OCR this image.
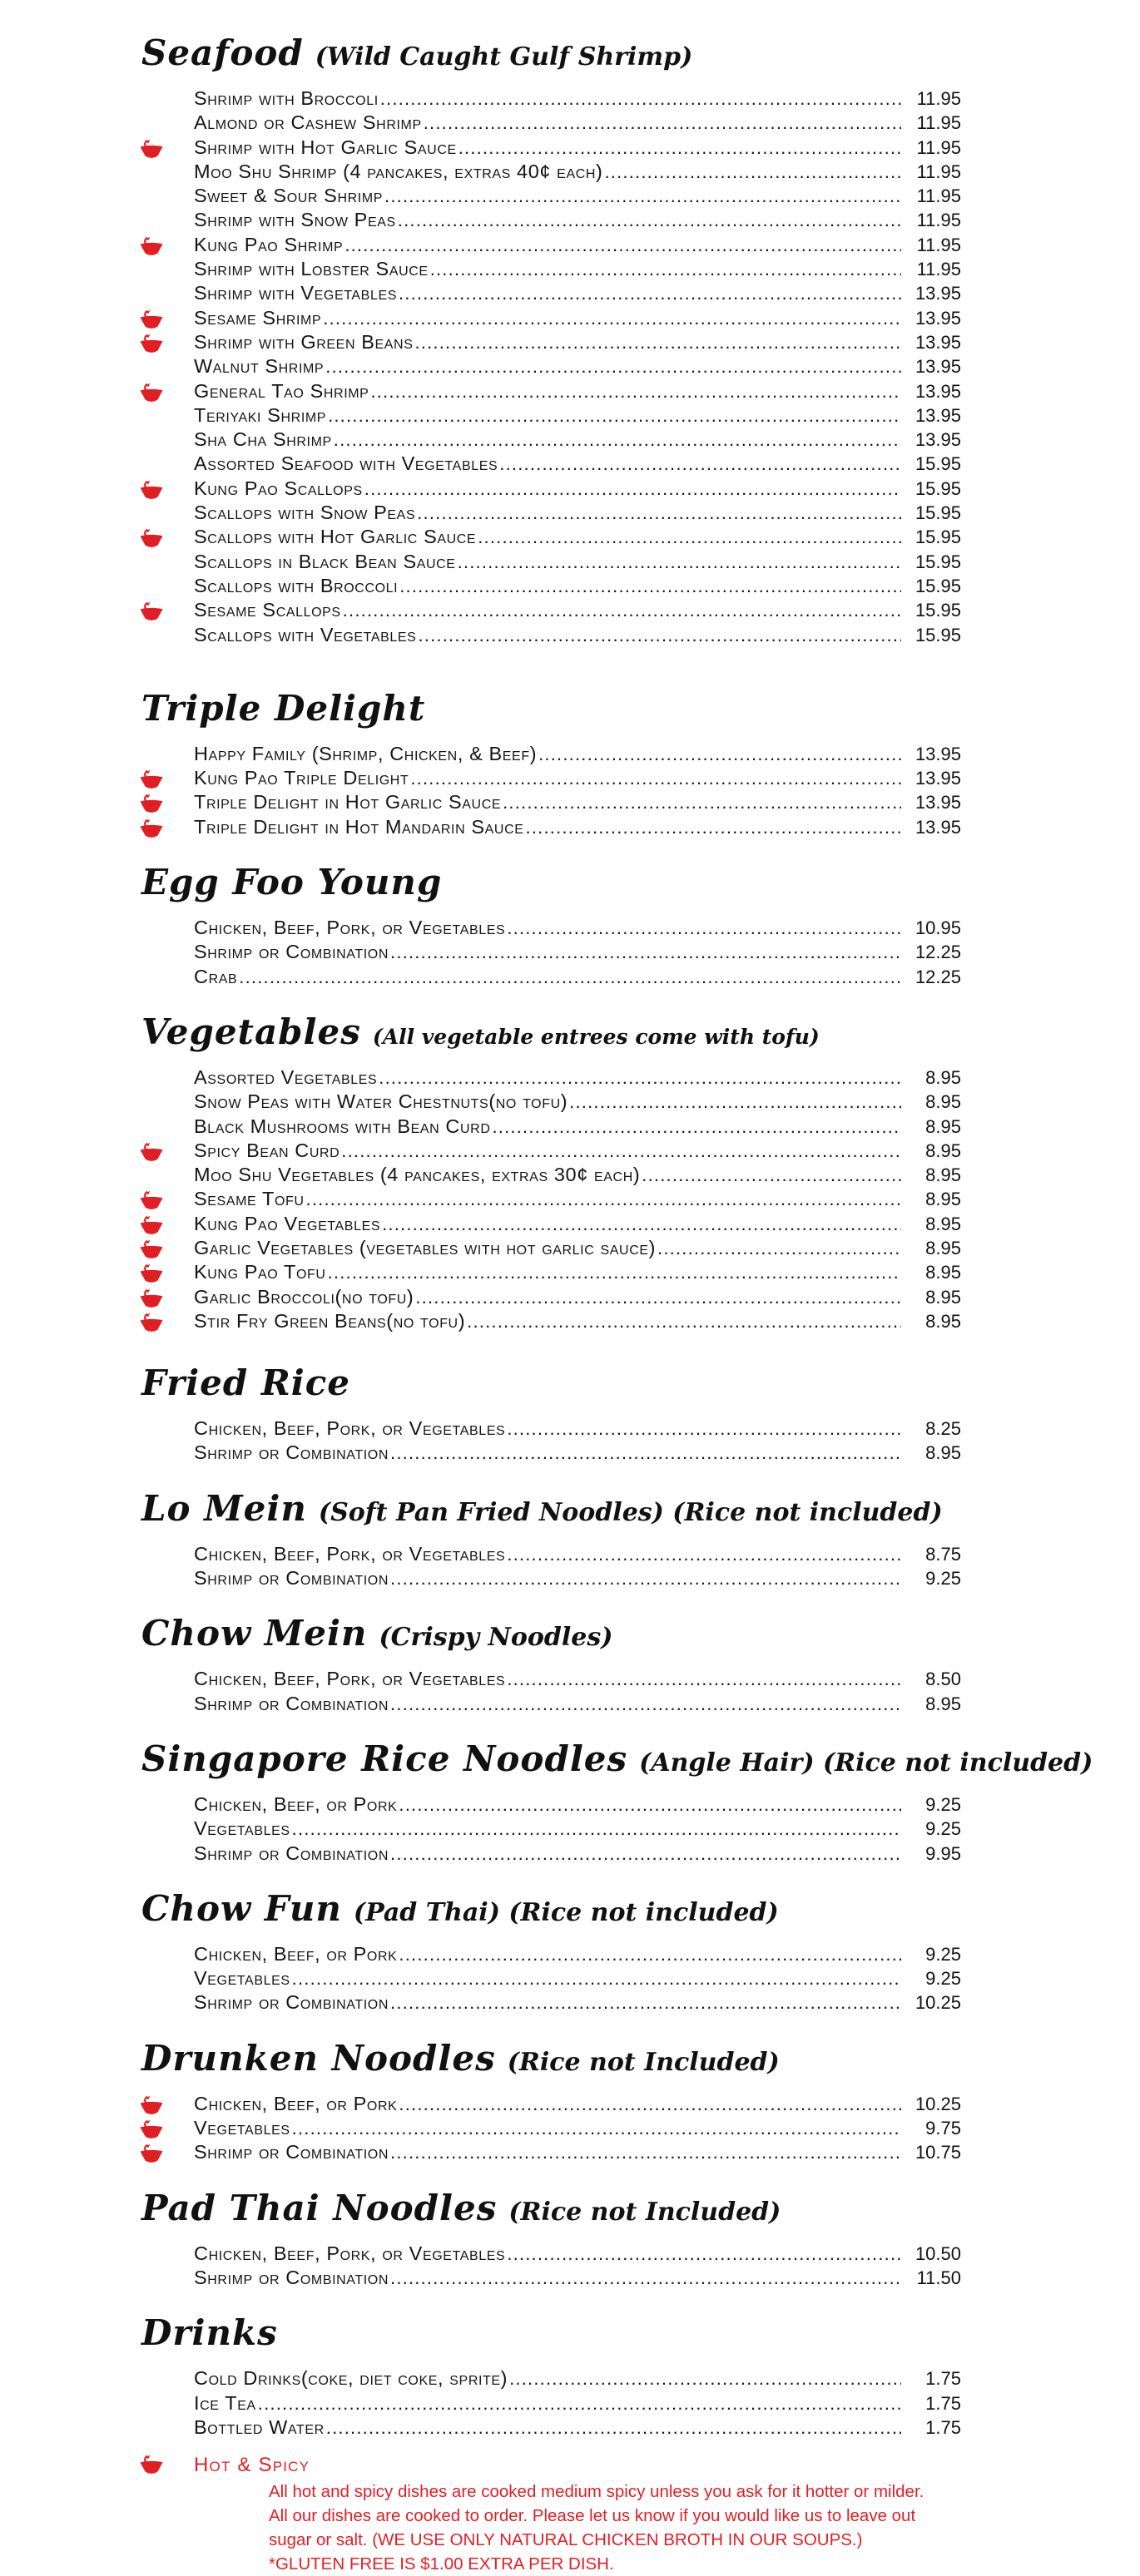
Seafood (Wild Caught Gulf Shrimp)
Shrimp with Broccoli .....	11.95
Almond or Cashew Shrimp .....	11.95
Shrimp with Hot Garlic Sauce .....	11.95
Moo Shu Shrimp (4 pancakes, extras 40¢ each) .....	11.95
Sweet & Sour Shrimp .....	11.95
Shrimp with Snow Peas .....	11.95
Kung Pao Shrimp .....	11.95
Shrimp with Lobster Sauce .....	11.95
Shrimp with Vegetables .....	13.95
Sesame Shrimp .....	13.95
Shrimp with Green Beans .....	13.95
Walnut Shrimp .....	13.95
General Tao Shrimp .....	13.95
Teriyaki Shrimp .....	13.95
Sha Cha Shrimp .....	13.95
Assorted Seafood with Vegetables .....	15.95
Kung Pao Scallops .....	15.95
Scallops with Snow Peas .....	15.95
Scallops with Hot Garlic Sauce .....	15.95
Scallops in Black Bean Sauce .....	15.95
Scallops with Broccoli .....	15.95
Sesame Scallops .....	15.95
Scallops with Vegetables .....	15.95
Triple Delight
Happy Family (Shrimp, Chicken, & Beef) .....	13.95
Kung Pao Triple Delight .....	13.95
Triple Delight in Hot Garlic Sauce .....	13.95
Triple Delight in Hot Mandarin Sauce .....	13.95
Egg Foo Young
Chicken, Beef, Pork, or Vegetables .....	10.95
Shrimp or Combination .....	12.25
Crab .....	12.25
Vegetables (All vegetable entrees come with tofu)
Assorted Vegetables .....	8.95
Snow Peas with Water Chestnuts(no tofu) .....	8.95
Black Mushrooms with Bean Curd .....	8.95
Spicy Bean Curd .....	8.95
Moo Shu Vegetables (4 pancakes, extras 30¢ each) .....	8.95
Sesame Tofu .....	8.95
Kung Pao Vegetables .....	8.95
Garlic Vegetables (vegetables with hot garlic sauce) .....	8.95
Kung Pao Tofu .....	8.95
Garlic Broccoli(no tofu) .....	8.95
Stir Fry Green Beans(no tofu) .....	8.95
Fried Rice
Chicken, Beef, Pork, or Vegetables .....	8.25
Shrimp or Combination .....	8.95
Lo Mein (Soft Pan Fried Noodles) (Rice not included)
Chicken, Beef, Pork, or Vegetables .....	8.75
Shrimp or Combination .....	9.25
Chow Mein (Crispy Noodles)
Chicken, Beef, Pork, or Vegetables .....	8.50
Shrimp or Combination .....	8.95
Singapore Rice Noodles (Angle Hair) (Rice not included)
Chicken, Beef, or Pork .....	9.25
Vegetables .....	9.25
Shrimp or Combination .....	9.95
Chow Fun (Pad Thai) (Rice not included)
Chicken, Beef, or Pork .....	9.25
Vegetables .....	9.25
Shrimp or Combination .....	10.25
Drunken Noodles (Rice not Included)
Chicken, Beef, or Pork .....	10.25
Vegetables .....	9.75
Shrimp or Combination .....	10.75
Pad Thai Noodles (Rice not Included)
Chicken, Beef, Pork, or Vegetables .....	10.50
Shrimp or Combination .....	11.50
Drinks
Cold Drinks(coke, diet coke, sprite) .....	1.75
Ice Tea .....	1.75
Bottled Water .....	1.75
Hot & Spicy
All hot and spicy dishes are cooked medium spicy unless you ask for it hotter or milder.
All our dishes are cooked to order. Please let us know if you would like us to leave out
sugar or salt. (WE USE ONLY NATURAL CHICKEN BROTH IN OUR SOUPS.)
*GLUTEN FREE IS $1.00 EXTRA PER DISH.
